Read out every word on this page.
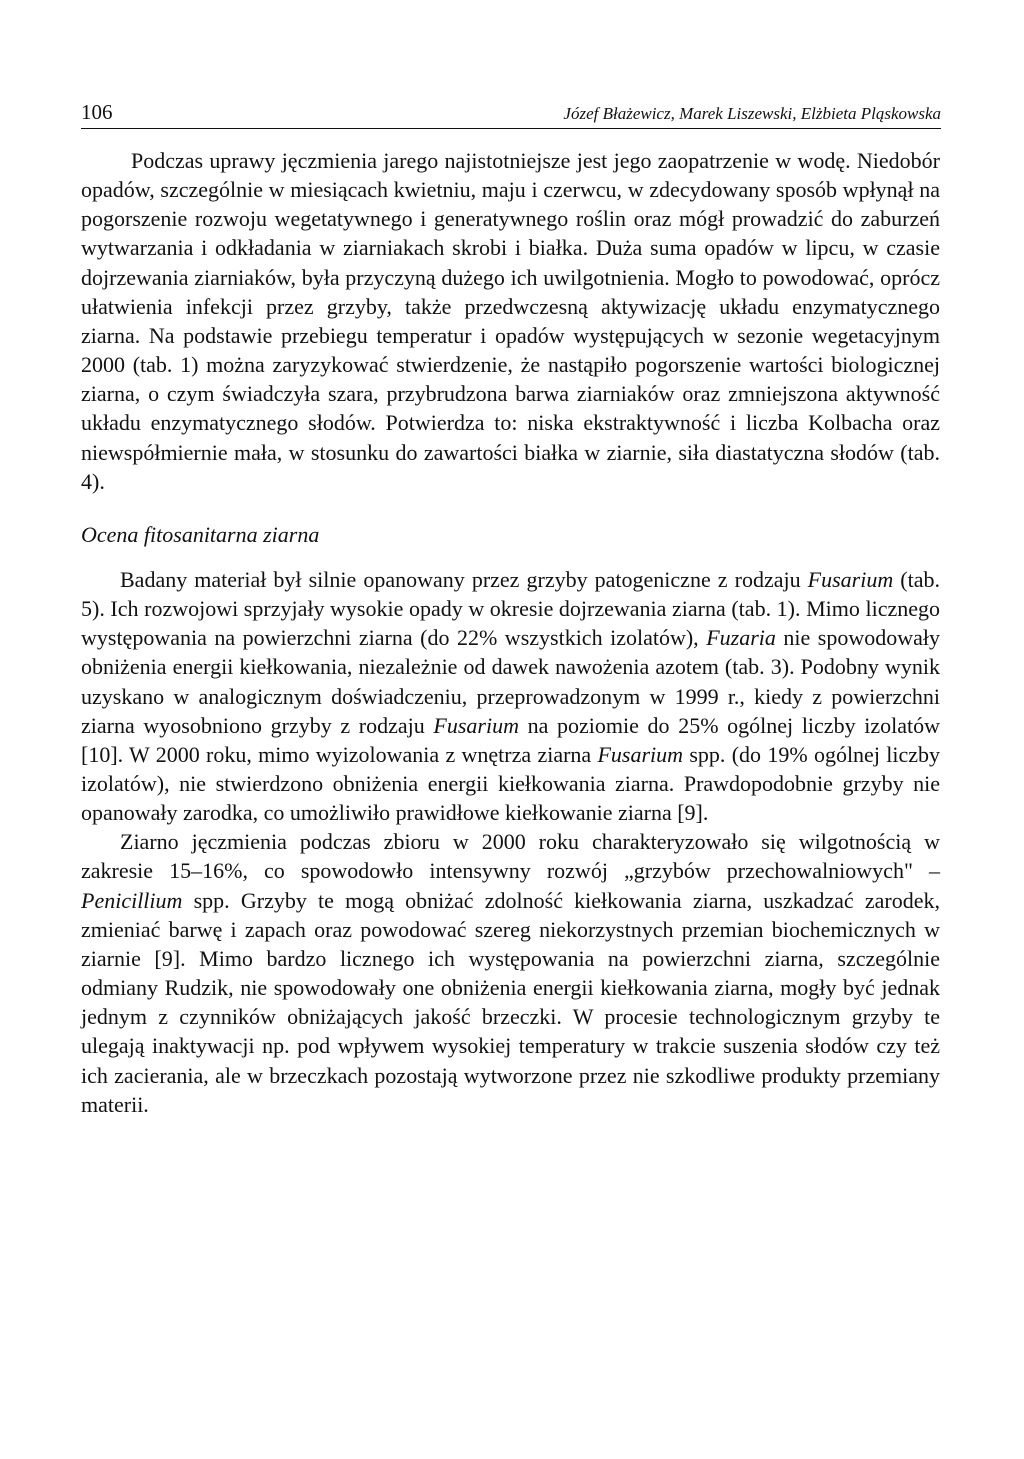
106	Józef Błażewicz, Marek Liszewski, Elżbieta Pląskowska

Podczas uprawy jęczmienia jarego najistotniejsze jest jego zaopatrzenie w wodę. Niedobór opadów, szczególnie w miesiącach kwietniu, maju i czerwcu, w zdecydowany sposób wpłynął na pogorszenie rozwoju wegetatywnego i generatywnego roślin oraz mógł prowadzić do zaburzeń wytwarzania i odkładania w ziarniakach skrobi i białka. Duża suma opadów w lipcu, w czasie dojrzewania ziarniaków, była przyczyną dużego ich uwilgotnienia. Mogło to powodować, oprócz ułatwienia infekcji przez grzyby, także przedwczesną aktywizację układu enzymatycznego ziarna. Na podstawie przebiegu temperatur i opadów występujących w sezonie wegetacyjnym 2000 (tab. 1) można zaryzykować stwierdzenie, że nastąpiło pogorszenie wartości biologicznej ziarna, o czym świadczyła szara, przybrudzona barwa ziarniaków oraz zmniejszona aktywność układu enzymatycznego słodów. Potwierdza to: niska ekstraktywność i liczba Kolbacha oraz niewspółmiernie mała, w stosunku do zawartości białka w ziarnie, siła diastatyczna słodów (tab. 4).

Ocena fitosanitarna ziarna

Badany materiał był silnie opanowany przez grzyby patogeniczne z rodzaju Fusarium (tab. 5). Ich rozwojowi sprzyjały wysokie opady w okresie dojrzewania ziarna (tab. 1). Mimo licznego występowania na powierzchni ziarna (do 22% wszystkich izolatów), Fuzaria nie spowodowały obniżenia energii kiełkowania, niezależnie od dawek nawożenia azotem (tab. 3). Podobny wynik uzyskano w analogicznym doświadczeniu, przeprowadzonym w 1999 r., kiedy z powierzchni ziarna wyosobniono grzyby z rodzaju Fusarium na poziomie do 25% ogólnej liczby izolatów [10]. W 2000 roku, mimo wyizolowania z wnętrza ziarna Fusarium spp. (do 19% ogólnej liczby izolatów), nie stwierdzono obniżenia energii kiełkowania ziarna. Prawdopodobnie grzyby nie opanowały zarodka, co umożliwiło prawidłowe kiełkowanie ziarna [9].

Ziarno jęczmienia podczas zbioru w 2000 roku charakteryzowało się wilgotnością w zakresie 15–16%, co spowodowło intensywny rozwój „grzybów przechowalniowych" – Penicillium spp. Grzyby te mogą obniżać zdolność kiełkowania ziarna, uszkadzać zarodek, zmieniać barwę i zapach oraz powodować szereg niekorzystnych przemian biochemicznych w ziarnie [9]. Mimo bardzo licznego ich występowania na powierzchni ziarna, szczególnie odmiany Rudzik, nie spowodowały one obniżenia energii kiełkowania ziarna, mogły być jednak jednym z czynników obniżających jakość brzeczki. W procesie technologicznym grzyby te ulegają inaktywacji np. pod wpływem wysokiej temperatury w trakcie suszenia słodów czy też ich zacierania, ale w brzeczkach pozostają wytworzone przez nie szkodliwe produkty przemiany materii.
